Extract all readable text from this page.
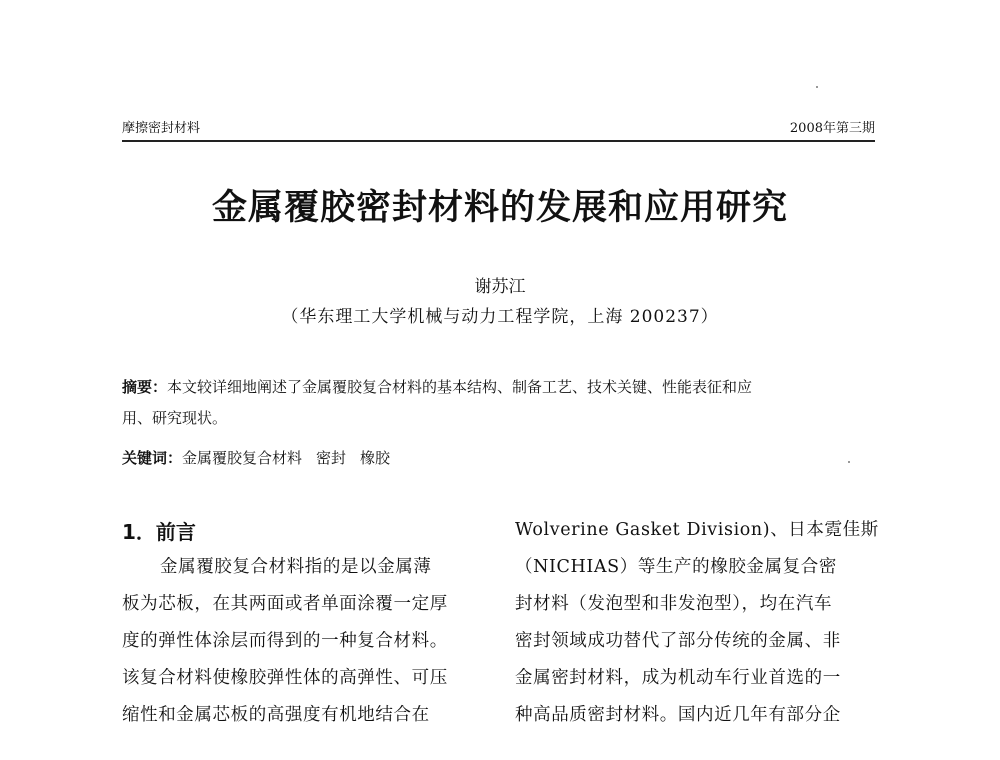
摩擦密封材料	2008年第三期
金属覆胶密封材料的发展和应用研究
谢苏江
（华东理工大学机械与动力工程学院，上海 200237）
摘要：本文较详细地阐述了金属覆胶复合材料的基本结构、制备工艺、技术关键、性能表征和应
用、研究现状。
关键词：金属覆胶复合材料 密封 橡胶
1．前言

金属覆胶复合材料指的是以金属薄

板为芯板，在其两面或者单面涂覆一定厚

度的弹性体涂层而得到的一种复合材料。

该复合材料使橡胶弹性体的高弹性、可压

缩性和金属芯板的高强度有机地结合在

Wolverine Gasket Division)、日本霓佳斯

（NICHIAS）等生产的橡胶金属复合密

封材料（发泡型和非发泡型），均在汽车

密封领域成功替代了部分传统的金属、非

金属密封材料，成为机动车行业首选的一

种高品质密封材料。国内近几年有部分企
